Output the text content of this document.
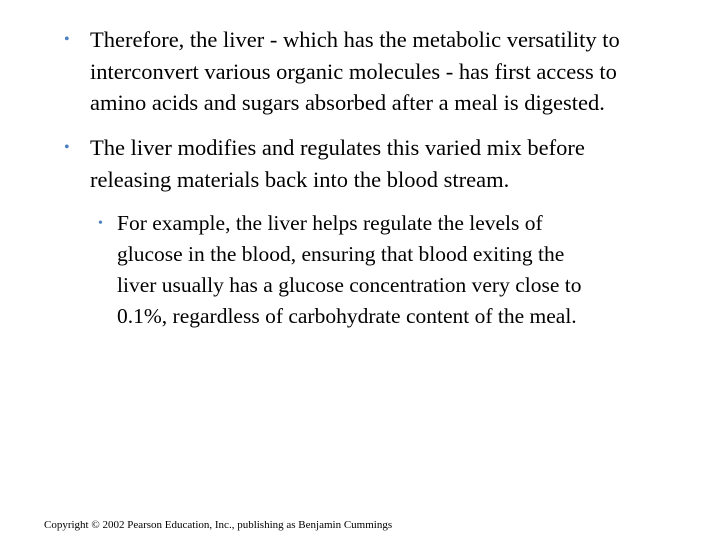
• Therefore, the liver - which has the metabolic versatility to
interconvert various organic molecules - has first access to
amino acids and sugars absorbed after a meal is digested.
• The liver modifies and regulates this varied mix before
releasing materials back into the blood stream.
• For example, the liver helps regulate the levels of
glucose in the blood, ensuring that blood exiting the
liver usually has a glucose concentration very close to
0.1%, regardless of carbohydrate content of the meal.
Copyright © 2002 Pearson Education, Inc., publishing as Benjamin Cummings
